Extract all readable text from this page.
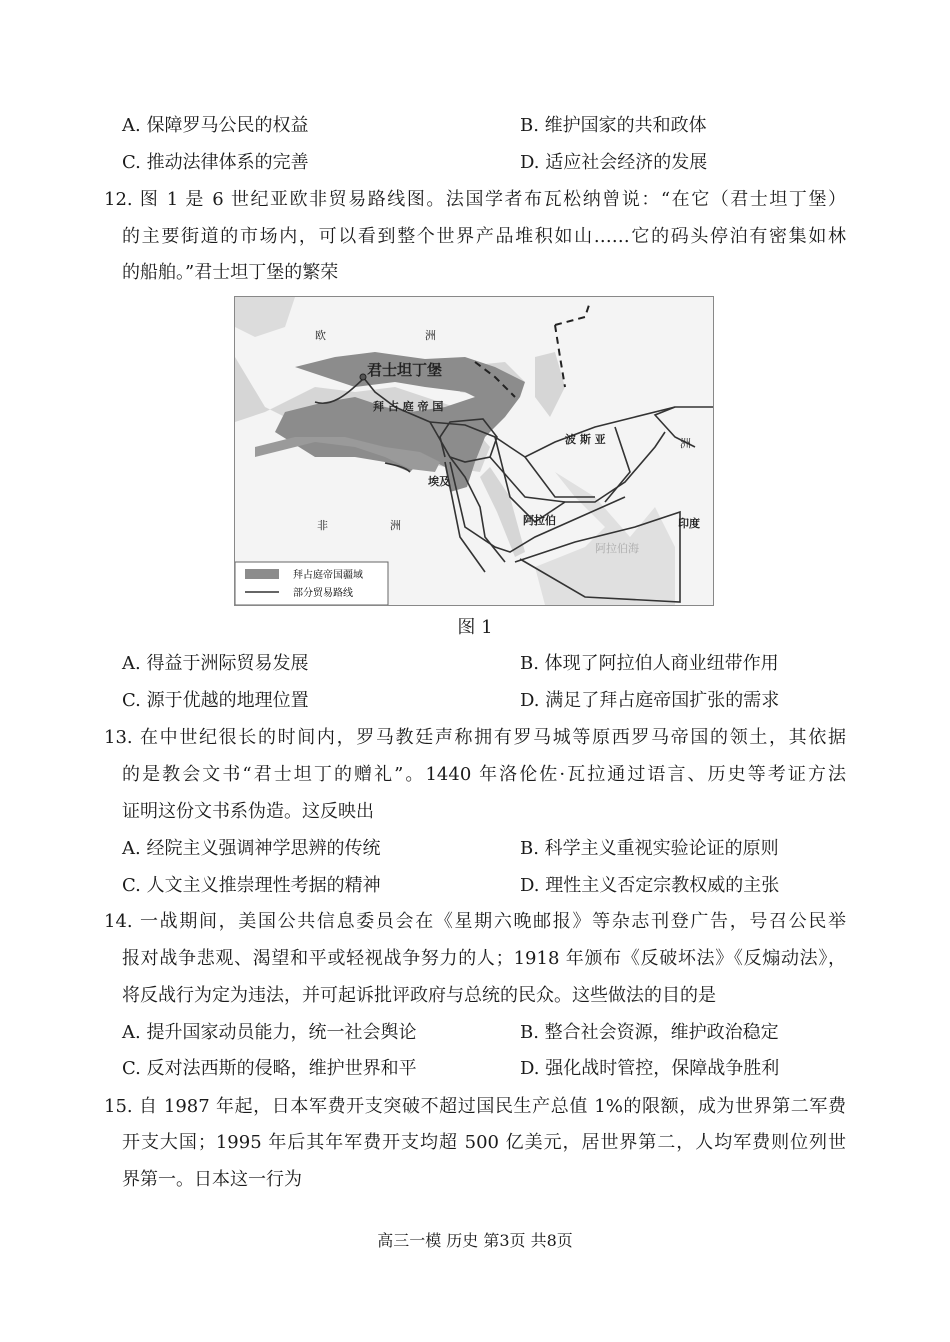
A. 保障罗马公民的权益	B. 维护国家的共和政体
C. 推动法律体系的完善	D. 适应社会经济的发展
12. 图 1 是 6 世纪亚欧非贸易路线图。法国学者布瓦松纳曾说：“在它（君士坦丁堡）
的主要街道的市场内，可以看到整个世界产品堆积如山……它的码头停泊有密集如林
的船舶。”君士坦丁堡的繁荣
欧	洲
君士坦丁堡
拜 占 庭 帝 国
波 斯 亚	洲
埃及
阿拉伯	印度
非	洲
阿拉伯海
拜占庭帝国疆域
部分贸易路线
图 1
A. 得益于洲际贸易发展	B. 体现了阿拉伯人商业纽带作用
C. 源于优越的地理位置	D. 满足了拜占庭帝国扩张的需求
13. 在中世纪很长的时间内，罗马教廷声称拥有罗马城等原西罗马帝国的领土，其依据
的是教会文书“君士坦丁的赠礼”。1440 年洛伦佐·瓦拉通过语言、历史等考证方法
证明这份文书系伪造。这反映出
A. 经院主义强调神学思辨的传统	B. 科学主义重视实验论证的原则
C. 人文主义推崇理性考据的精神	D. 理性主义否定宗教权威的主张
14. 一战期间，美国公共信息委员会在《星期六晚邮报》等杂志刊登广告，号召公民举
报对战争悲观、渴望和平或轻视战争努力的人；1918 年颁布《反破坏法》《反煽动法》，
将反战行为定为违法，并可起诉批评政府与总统的民众。这些做法的目的是
A. 提升国家动员能力，统一社会舆论	B. 整合社会资源，维护政治稳定
C. 反对法西斯的侵略，维护世界和平	D. 强化战时管控，保障战争胜利
15. 自 1987 年起，日本军费开支突破不超过国民生产总值 1%的限额，成为世界第二军费
开支大国；1995 年后其年军费开支均超 500 亿美元，居世界第二，人均军费则位列世
界第一。日本这一行为
高三一模 历史 第3页 共8页
